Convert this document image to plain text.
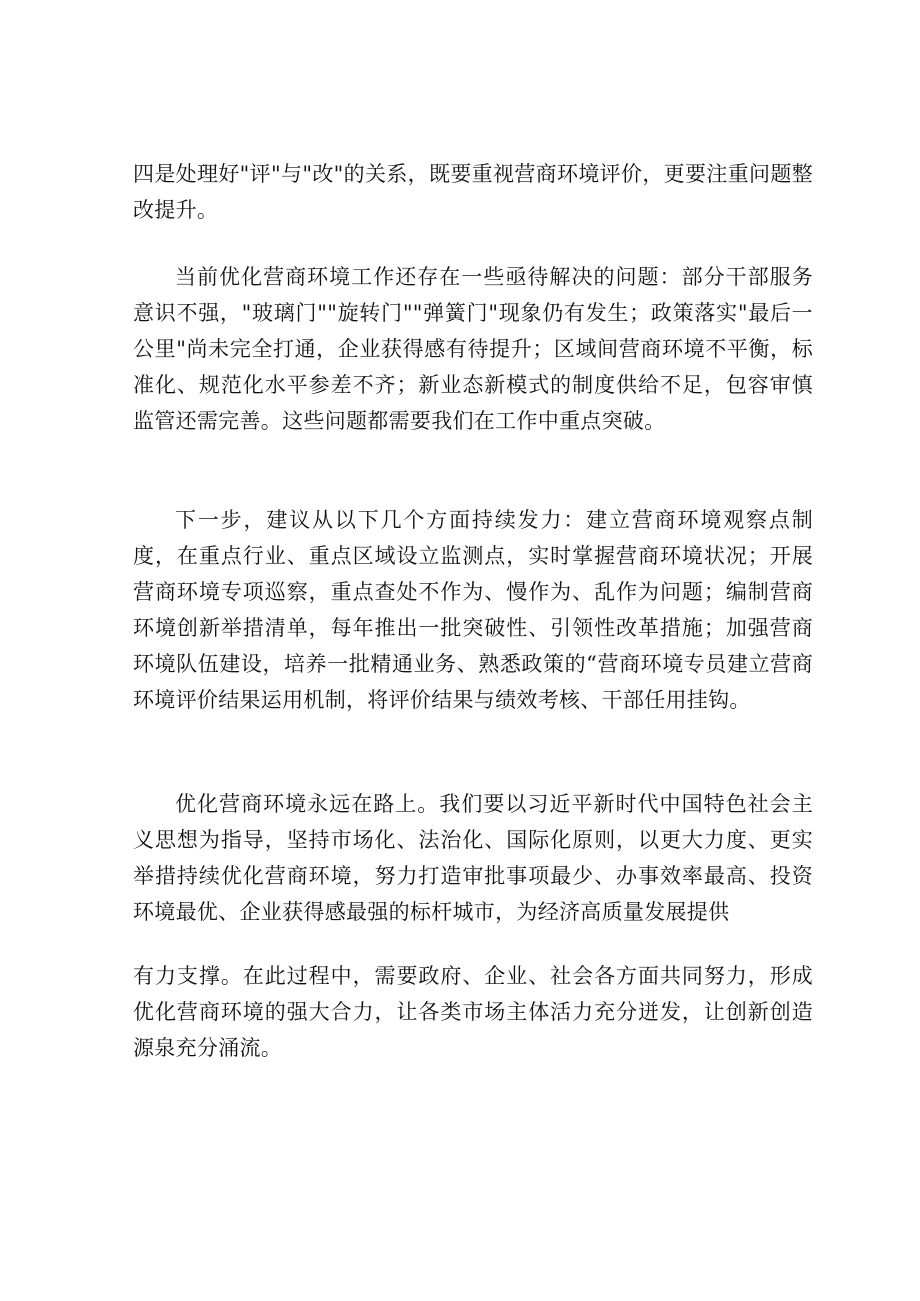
四是处理好"评"与"改"的关系，既要重视营商环境评价，更要注重问题整改提升。

当前优化营商环境工作还存在一些亟待解决的问题：部分干部服务意识不强，"玻璃门""旋转门""弹簧门"现象仍有发生；政策落实"最后一公里"尚未完全打通，企业获得感有待提升；区域间营商环境不平衡，标准化、规范化水平参差不齐；新业态新模式的制度供给不足，包容审慎监管还需完善。这些问题都需要我们在工作中重点突破。

下一步，建议从以下几个方面持续发力：建立营商环境观察点制度，在重点行业、重点区域设立监测点，实时掌握营商环境状况；开展营商环境专项巡察，重点查处不作为、慢作为、乱作为问题；编制营商环境创新举措清单，每年推出一批突破性、引领性改革措施；加强营商环境队伍建设，培养一批精通业务、熟悉政策的“营商环境专员建立营商环境评价结果运用机制，将评价结果与绩效考核、干部任用挂钩。

优化营商环境永远在路上。我们要以习近平新时代中国特色社会主义思想为指导，坚持市场化、法治化、国际化原则，以更大力度、更实举措持续优化营商环境，努力打造审批事项最少、办事效率最高、投资环境最优、企业获得感最强的标杆城市，为经济高质量发展提供

有力支撑。在此过程中，需要政府、企业、社会各方面共同努力，形成优化营商环境的强大合力，让各类市场主体活力充分迸发，让创新创造源泉充分涌流。
